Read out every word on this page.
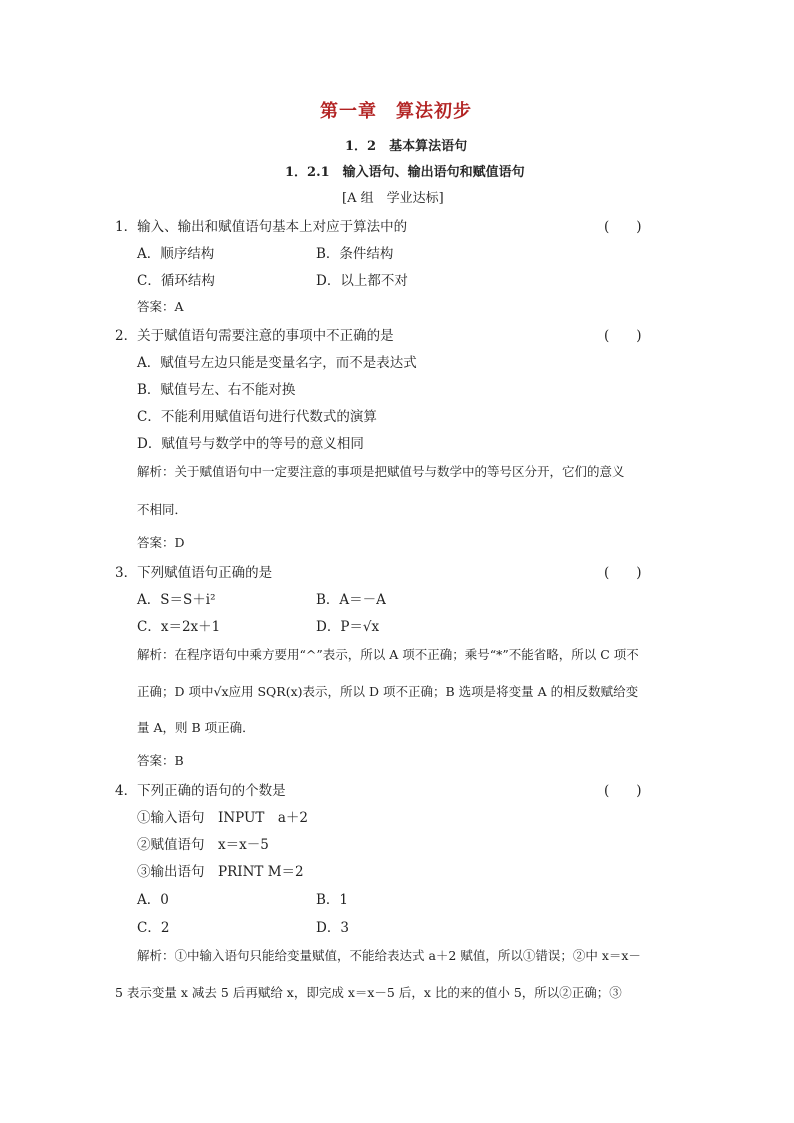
第一章　算法初步
1．2　基本算法语句
1．2.1　输入语句、输出语句和赋值语句
[A 组　学业达标]
1．输入、输出和赋值语句基本上对应于算法中的	(　　)
A．顺序结构	B．条件结构
C．循环结构	D．以上都不对
答案：A
2．关于赋值语句需要注意的事项中不正确的是	(　　)
A．赋值号左边只能是变量名字，而不是表达式
B．赋值号左、右不能对换
C．不能利用赋值语句进行代数式的演算
D．赋值号与数学中的等号的意义相同
解析：关于赋值语句中一定要注意的事项是把赋值号与数学中的等号区分开，它们的意义
不相同．
答案：D
3．下列赋值语句正确的是	(　　)
A．S＝S＋i²	B．A＝－A
C．x＝2x＋1	D．P＝√x
解析：在程序语句中乘方要用“^”表示，所以 A 项不正确；乘号“*”不能省略，所以 C 项不
正确；D 项中√x应用 SQR(x)表示，所以 D 项不正确；B 选项是将变量 A 的相反数赋给变
量 A，则 B 项正确．
答案：B
4．下列正确的语句的个数是	(　　)
①输入语句　INPUT　a＋2
②赋值语句　x＝x－5
③输出语句　PRINT M＝2
A．0	B．1
C．2	D．3
解析：①中输入语句只能给变量赋值，不能给表达式 a＋2 赋值，所以①错误；②中 x＝x－
5 表示变量 x 减去 5 后再赋给 x，即完成 x＝x－5 后，x 比的来的值小 5，所以②正确；③
